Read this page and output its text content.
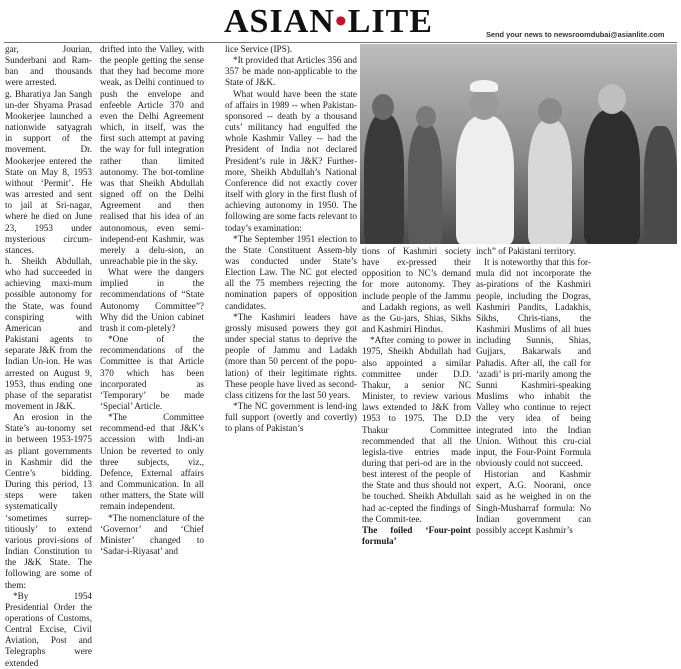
ASIAN•LITE	Send your news to newsroomdubai@asianlite.com

gar, Jourian, Sunderbani and Ram-ban and thousands were arrested.

g. Bharatiya Jan Sangh un-der Shyama Prasad Mookerjee launched a nationwide satyagrah in support of the movement. Dr. Mookerjee entered the State on May 8, 1953 without ‘Permit’. He was arrested and sent to jail at Sri-nagar, where he died on June 23, 1953 under mysterious circum-stances.

h. Sheikh Abdullah, who had succeeded in achieving maxi-mum possible autonomy for the State, was found conspiring with American and Pakistani agents to separate J&K from the Indian Un-ion. He was arrested on August 9, 1953, thus ending one phase of the separatist movement in J&K.

An erosion in the State’s au-tonomy set in between 1953-1975 as pliant governments in Kashmir did the Centre’s bidding. During this period, 13 steps were taken systematically ‘sometimes surrep-titiously’ to extend various provi-sions of Indian Constitution to the J&K State. The following are some of them:

*By 1954 Presidential Order the operations of Customs, Central Excise, Civil Aviation, Post and Telegraphs were extended

drifted into the Valley, with the people getting the sense that they had become more weak, as Delhi continued to push the envelope and enfeeble Article 370 and even the Delhi Agreement which, in itself, was the first such attempt at paving the way for full integration rather than limited autonomy. The bot-tomline was that Sheikh Abdullah signed off on the Delhi Agreement and then realised that his idea of an autonomous, even semi-independ-ent Kashmir, was merely a delu-sion, an unreachable pie in the sky.

What were the dangers implied in the recommendations of “State Autonomy Committee”? Why did the Union cabinet trash it com-pletely?

*One of the recommendations of the Committee is that Article 370 which has been incorporated as ‘Temporary’ be made ‘Special’ Article.

*The Committee recommend-ed that J&K’s accession with Indi-an Union be reverted to only three subjects, viz., Defence, External affairs and Communication. In all other matters, the State will remain independent.

*The nomenclature of the ‘Governor’ and ‘Chief Minister’ changed to ‘Sadar-i-Riyasat’ and

lice Service (IPS).

*It provided that Articles 356 and 357 be made non-applicable to the State of J&K.

What would have been the state of affairs in 1989 -- when Pakistan-sponsored -- death by a thousand cuts’ militancy had engulfed the whole Kashmir Valley -- had the President of India not declared President’s rule in J&K? Further-more, Sheikh Abdullah’s National Conference did not exactly cover itself with glory in the first flush of achieving autonomy in 1950. The following are some facts relevant to today’s examination:

*The September 1951 election to the State Constituent Assem-bly was conducted under State’s Election Law. The NC got elected all the 75 members rejecting the nomination papers of opposition candidates.

*The Kashmiri leaders have grossly misused powers they got under special status to deprive the people of Jammu and Ladakh (more than 50 percent of the popu-lation) of their legitimate rights. These people have lived as second-class citizens for the last 50 years.

*The NC government is lend-ing full support (overtly and covertly) to plans of Pakistan’s

tions of Kashmiri society have ex-pressed their opposition to NC’s demand for more autonomy. They include people of the Jammu and Ladakh regions, as well as the Gu-jars, Shias, Sikhs and Kashmiri Hindus.

*After coming to power in 1975, Sheikh Abdullah had also appointed a similar committee under D.D. Thakur, a senior NC Minister, to review various laws extended to J&K from 1953 to 1975. The D.D Thakur Committee recommended that all the legisla-tive entries made during that peri-od are in the best interest of the people of the State and thus should not be touched. Sheikh Abdullah had ac-cepted the findings of the Commit-tee.

The foiled ‘Four-point formula’

inch” of Pakistani territory.

It is noteworthy that this for-mula did not incorporate the as-pirations of the Kashmiri people, including the Dogras, Kashmiri Pandits, Ladakhis, Sikhs, Chris-tians, the Kashmiri Muslims of all hues including Sunnis, Shias, Gujjars, Bakarwals and Pahadis. After all, the call for ‘azadi’ is pri-marily among the Sunni Kashmiri-speaking Muslims who inhabit the Valley who continue to reject the very idea of being integrated into the Indian Union. Without this cru-cial input, the Four-Point Formula obviously could not succeed.

Historian and Kashmir expert, A.G. Noorani, once said as he weighed in on the Singh-Musharraf formula: No Indian government can possibly accept Kashmir’s
